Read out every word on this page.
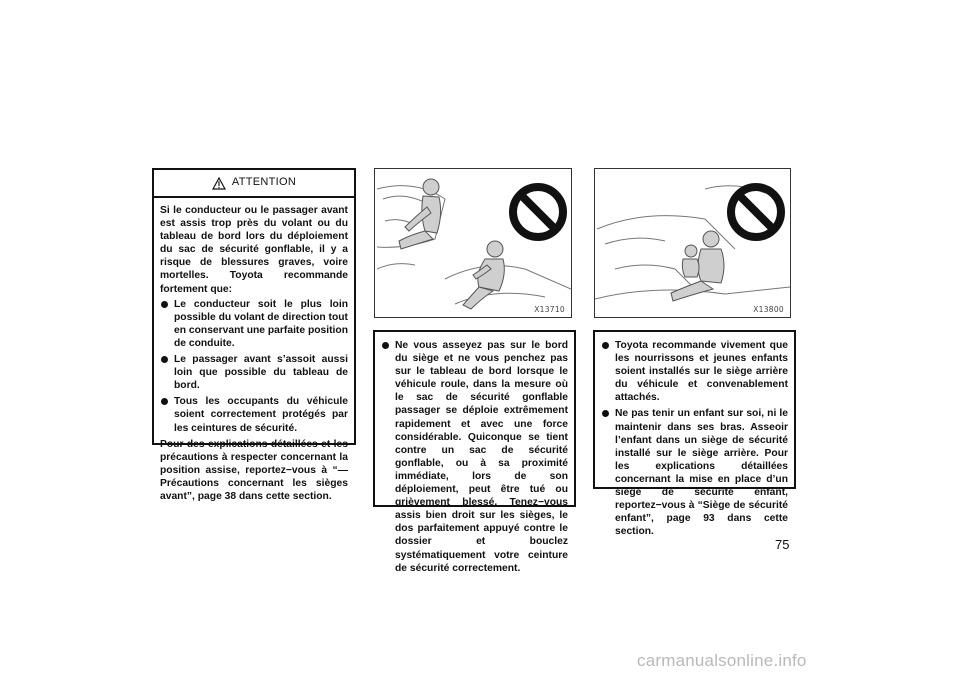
ATTENTION

Si le conducteur ou le passager avant est assis trop près du volant ou du tableau de bord lors du déploiement du sac de sécurité gonflable, il y a risque de blessures graves, voire mortelles. Toyota recommande fortement que:

Le conducteur soit le plus loin possible du volant de direction tout en conservant une parfaite position de conduite.
Le passager avant s’assoit aussi loin que possible du tableau de bord.
Tous les occupants du véhicule soient correctement protégés par les ceintures de sécurité.

Pour des explications détaillées et les précautions à respecter concernant la position assise, reportez−vous à “—Précautions concernant les sièges avant”, page 38 dans cette section.

X13710	X13800
Ne vous asseyez pas sur le bord du siège et ne vous penchez pas sur le tableau de bord lorsque le véhicule roule, dans la mesure où le sac de sécurité gonflable passager se déploie extrêmement rapidement et avec une force considérable. Quiconque se tient contre un sac de sécurité gonflable, ou à sa proximité immédiate, lors de son déploiement, peut être tué ou grièvement blessé. Tenez−vous assis bien droit sur les sièges, le dos parfaitement appuyé contre le dossier et bouclez systématiquement votre ceinture de sécurité correctement.
Toyota recommande vivement que les nourrissons et jeunes enfants soient installés sur le siège arrière du véhicule et convenablement attachés.
Ne pas tenir un enfant sur soi, ni le maintenir dans ses bras. Asseoir l’enfant dans un siège de sécurité installé sur le siège arrière. Pour les explications détaillées concernant la mise en place d’un siège de sécurité enfant, reportez−vous à “Siège de sécurité enfant”, page 93 dans cette section.
75
carmanualsonline.info
